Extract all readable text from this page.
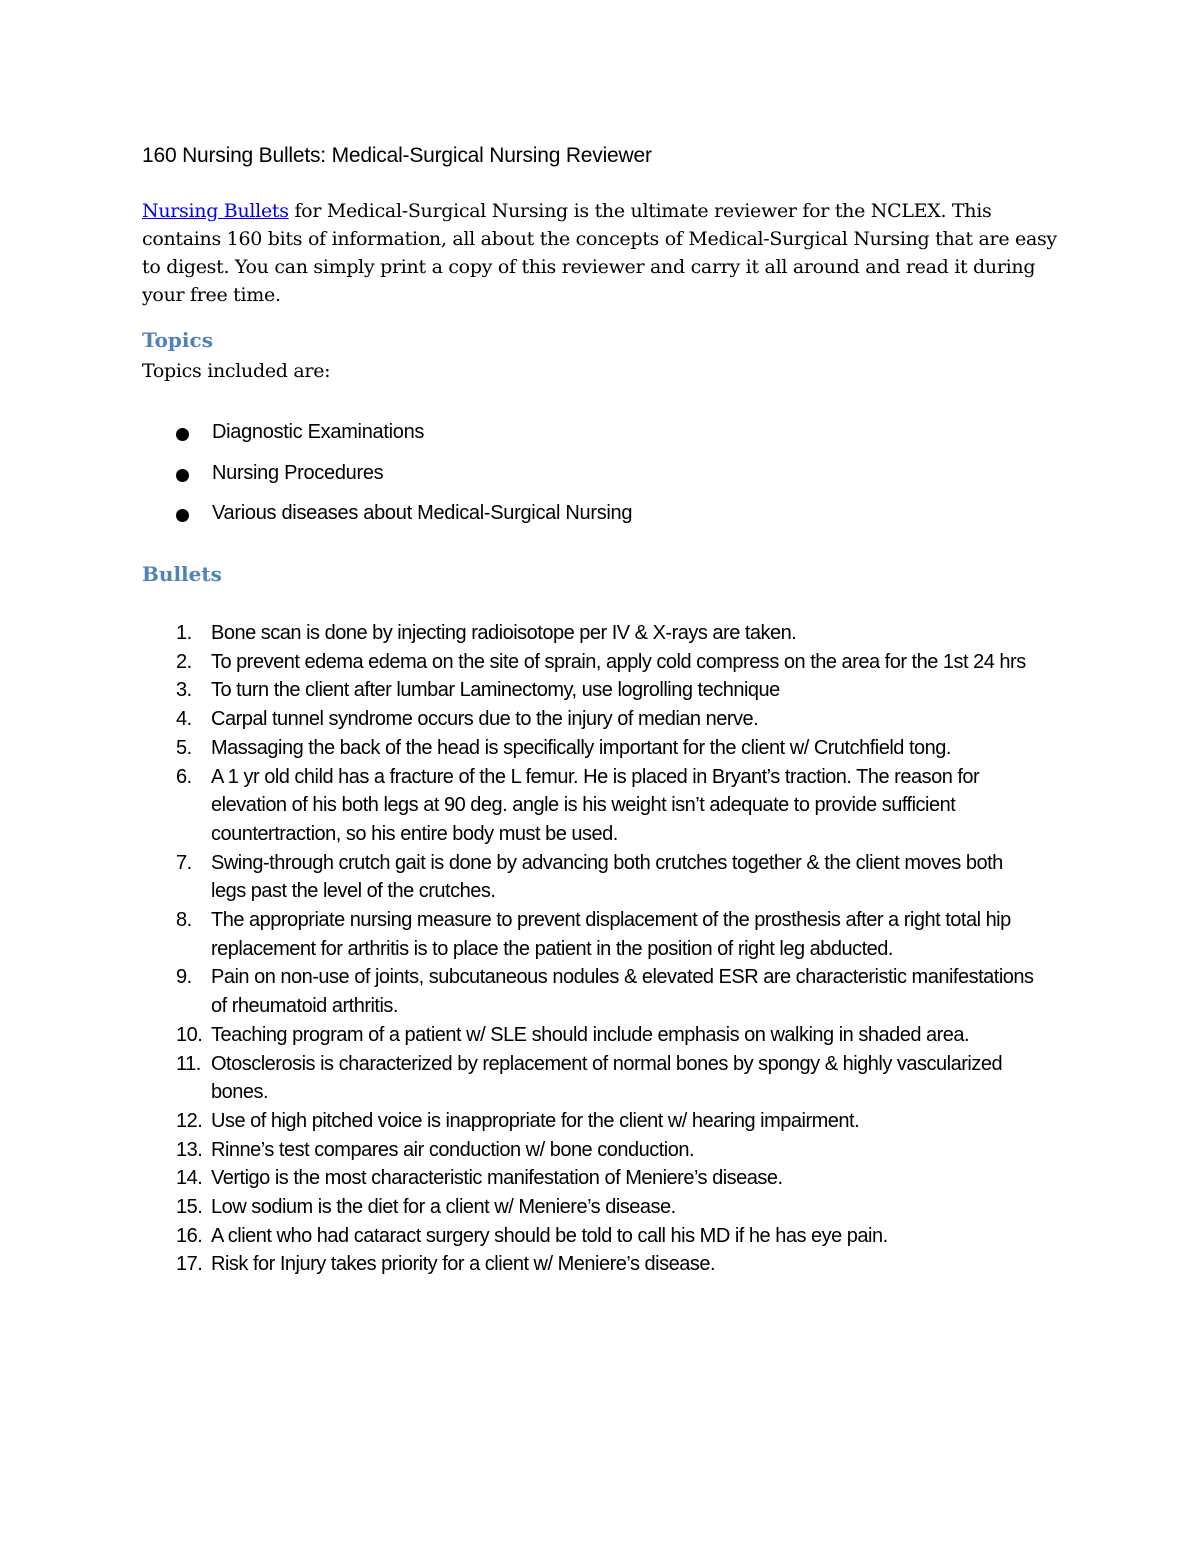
160 Nursing Bullets: Medical-Surgical Nursing Reviewer

Nursing Bullets for Medical-Surgical Nursing is the ultimate reviewer for the NCLEX. This contains 160 bits of information, all about the concepts of Medical-Surgical Nursing that are easy to digest. You can simply print a copy of this reviewer and carry it all around and read it during your free time.

Topics
Topics included are:
Diagnostic Examinations
Nursing Procedures
Various diseases about Medical-Surgical Nursing
Bullets
1. Bone scan is done by injecting radioisotope per IV & X-rays are taken.
2. To prevent edema edema on the site of sprain, apply cold compress on the area for the 1st 24 hrs
3. To turn the client after lumbar Laminectomy, use logrolling technique
4. Carpal tunnel syndrome occurs due to the injury of median nerve.
5. Massaging the back of the head is specifically important for the client w/ Crutchfield tong.
6. A 1 yr old child has a fracture of the L femur. He is placed in Bryant’s traction. The reason for elevation of his both legs at 90 deg. angle is his weight isn’t adequate to provide sufficient countertraction, so his entire body must be used.
7. Swing-through crutch gait is done by advancing both crutches together & the client moves both legs past the level of the crutches.
8. The appropriate nursing measure to prevent displacement of the prosthesis after a right total hip replacement for arthritis is to place the patient in the position of right leg abducted.
9. Pain on non-use of joints, subcutaneous nodules & elevated ESR are characteristic manifestations of rheumatoid arthritis.
10. Teaching program of a patient w/ SLE should include emphasis on walking in shaded area.
11. Otosclerosis is characterized by replacement of normal bones by spongy & highly vascularized bones.
12. Use of high pitched voice is inappropriate for the client w/ hearing impairment.
13. Rinne’s test compares air conduction w/ bone conduction.
14. Vertigo is the most characteristic manifestation of Meniere’s disease.
15. Low sodium is the diet for a client w/ Meniere’s disease.
16. A client who had cataract surgery should be told to call his MD if he has eye pain.
17. Risk for Injury takes priority for a client w/ Meniere’s disease.
